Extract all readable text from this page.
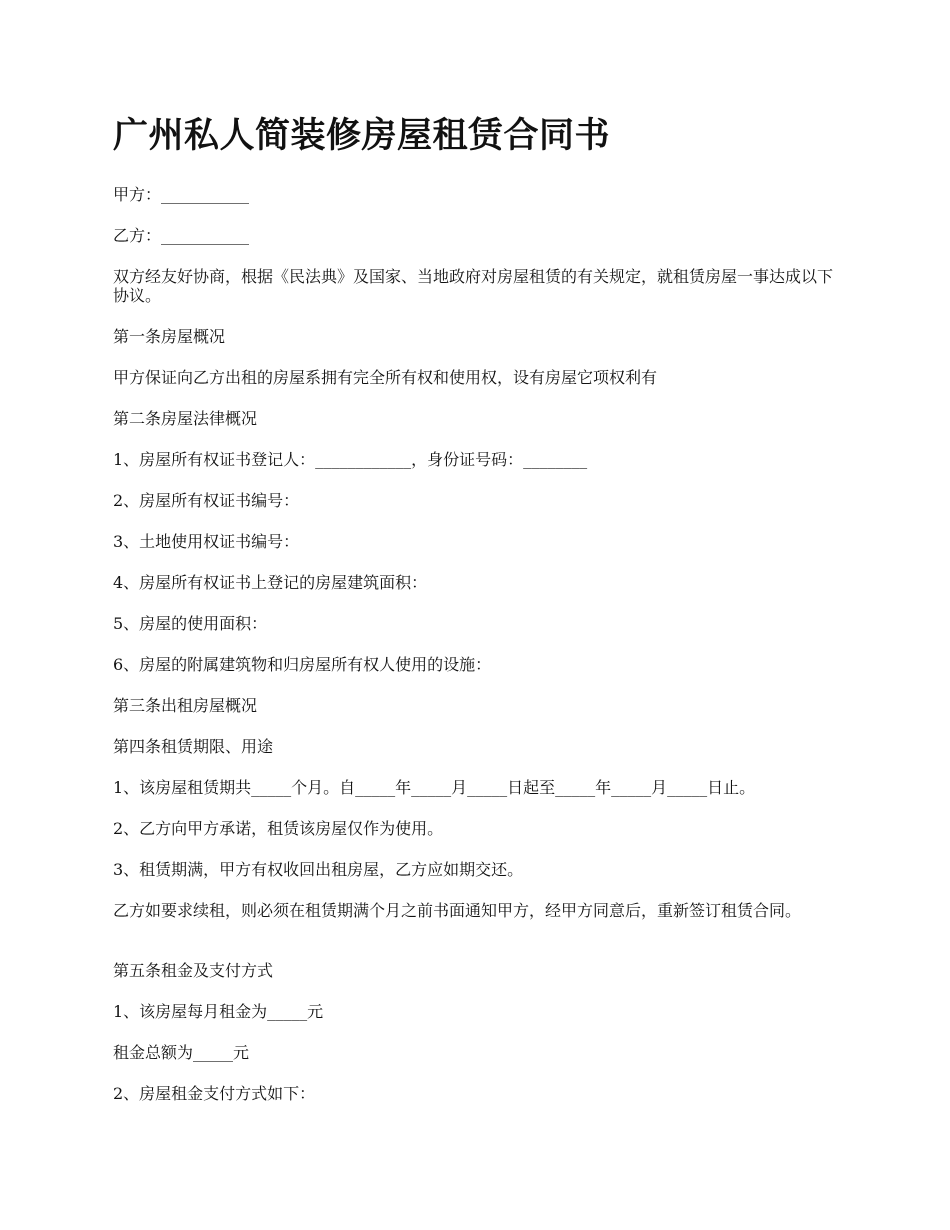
广州私人简装修房屋租赁合同书

甲方：___________

乙方：___________

双方经友好协商，根据《民法典》及国家、当地政府对房屋租赁的有关规定，就租赁房屋一事达成以下协议。

第一条房屋概况

甲方保证向乙方出租的房屋系拥有完全所有权和使用权，设有房屋它项权利有

第二条房屋法律概况

1、房屋所有权证书登记人：____________，身份证号码：________

2、房屋所有权证书编号：

3、土地使用权证书编号：

4、房屋所有权证书上登记的房屋建筑面积：

5、房屋的使用面积：

6、房屋的附属建筑物和归房屋所有权人使用的设施：

第三条出租房屋概况

第四条租赁期限、用途

1、该房屋租赁期共_____个月。自_____年_____月_____日起至_____年_____月_____日止。

2、乙方向甲方承诺，租赁该房屋仅作为使用。

3、租赁期满，甲方有权收回出租房屋，乙方应如期交还。

乙方如要求续租，则必须在租赁期满个月之前书面通知甲方，经甲方同意后，重新签订租赁合同。

第五条租金及支付方式

1、该房屋每月租金为_____元

租金总额为_____元

2、房屋租金支付方式如下：
